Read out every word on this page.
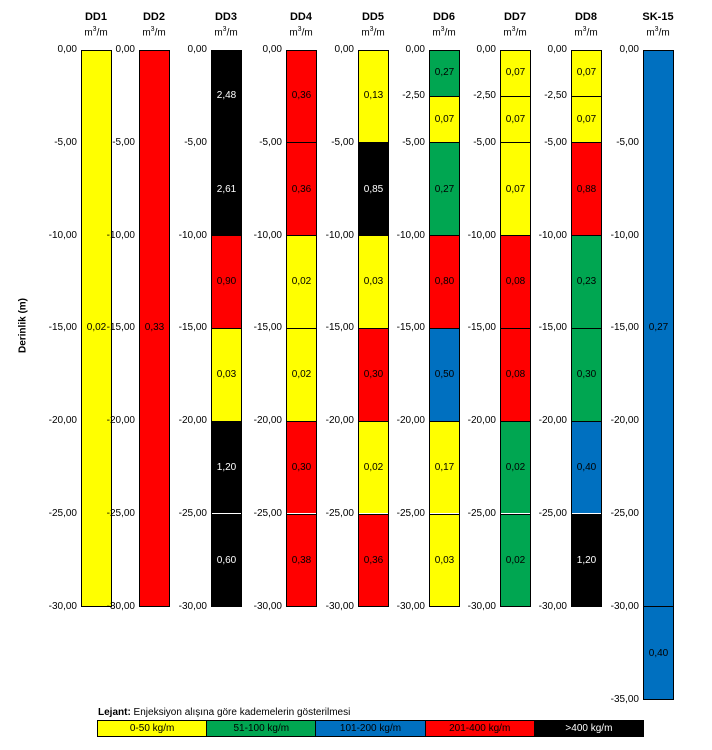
Derinlik (m)
Lejant: Enjeksiyon alışına göre kademelerin gösterilmesi
0-50 kg/m	51-100 kg/m	101-200 kg/m	201-400 kg/m	>400 kg/m
DD1
$m^3/m$
0,00
-5,00
-10,00
-15,00
-20,00
-25,00
-30,00
0,02
DD2
$m^3/m$
0,00
-5,00
-10,00
-15,00
-20,00
-25,00
-30,00
0,33
DD3
$m^3/m$
0,00
-5,00
-10,00
-15,00
-20,00
-25,00
-30,00
2,48
2,61
0,90
0,03
1,20
0,60
DD4
$m^3/m$
0,00
-5,00
-10,00
-15,00
-20,00
-25,00
-30,00
0,36
0,36
0,02
0,02
0,30
0,38
DD5
$m^3/m$
0,00
-5,00
-10,00
-15,00
-20,00
-25,00
-30,00
0,13
0,85
0,03
0,30
0,02
0,36
DD6
$m^3/m$
0,00
-2,50
-5,00
-10,00
-15,00
-20,00
-25,00
-30,00
0,27
0,07
0,27
0,80
0,50
0,17
0,03
DD7
$m^3/m$
0,00
-2,50
-5,00
-10,00
-15,00
-20,00
-25,00
-30,00
0,07
0,07
0,07
0,08
0,08
0,02
0,02
DD8
$m^3/m$
0,00
-2,50
-5,00
-10,00
-15,00
-20,00
-25,00
-30,00
0,07
0,07
0,88
0,23
0,30
0,40
1,20
SK-15
$m^3/m$
0,00
-5,00
-10,00
-15,00
-20,00
-25,00
-30,00
-35,00
0,27
0,40
